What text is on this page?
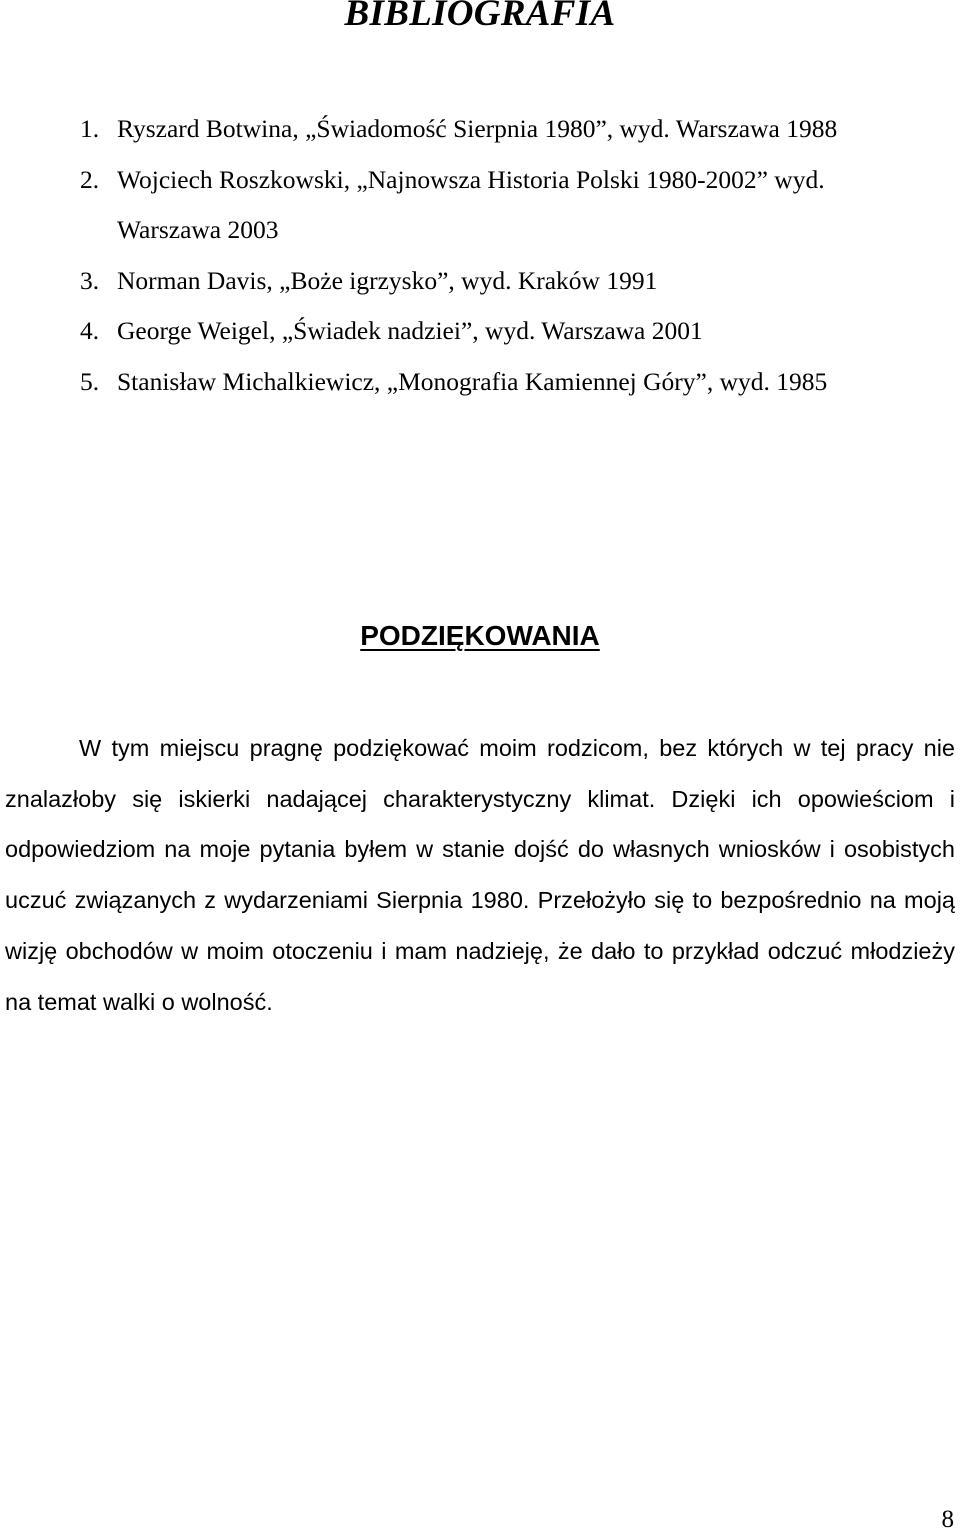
BIBLIOGRAFIA
1. Ryszard Botwina, „Świadomość Sierpnia 1980”, wyd. Warszawa 1988
2. Wojciech Roszkowski, „Najnowsza Historia Polski 1980-2002” wyd.
Warszawa 2003
3. Norman Davis, „Boże igrzysko”, wyd. Kraków 1991
4. George Weigel, „Świadek nadziei”, wyd. Warszawa 2001
5. Stanisław Michalkiewicz, „Monografia Kamiennej Góry”, wyd. 1985
PODZIĘKOWANIA

W tym miejscu pragnę podziękować moim rodzicom, bez których w tej pracy nie znalazłoby się iskierki nadającej charakterystyczny klimat. Dzięki ich opowieściom i odpowiedziom na moje pytania byłem w stanie dojść do własnych wniosków i osobistych uczuć związanych z wydarzeniami Sierpnia 1980. Przełożyło się to bezpośrednio na moją wizję obchodów w moim otoczeniu i mam nadzieję, że dało to przykład odczuć młodzieży na temat walki o wolność.

8
